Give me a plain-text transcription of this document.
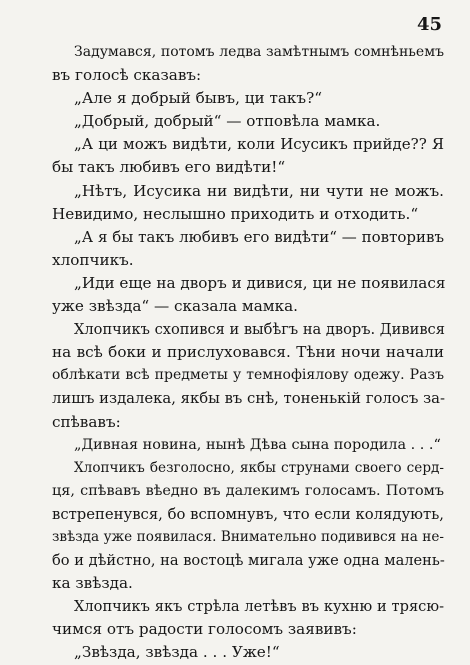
45
Задумався, потомъ ледва замѣтнымъ сомнѣньемъ
въ голосѣ сказавъ:
„Але я добрый бывъ, ци такъ?“
„Добрый, добрый“ — отповѣла мамка.
„А ци можъ видѣти, коли Исусикъ прийде?? Я
бы такъ любивъ его видѣти!“
„Нѣтъ, Исусика ни видѣти, ни чути не можъ.
Невидимо, неслышно приходить и отходить.“
„А я бы такъ любивъ его видѣти“ — повторивъ
хлопчикъ.
„Иди еще на дворъ и дивися, ци не появилася
уже звѣзда“ — сказала мамка.
Хлопчикъ схопився и выбѣгъ на дворъ. Дивився
на всѣ боки и прислуховався. Тѣни ночи начали
облѣкати всѣ предметы у темнофіялову одежу. Разъ
лишъ издалека, якбы въ снѣ, тоненькій голосъ за-
спѣвавъ:
„Дивная новина, нынѣ Дѣва сына породила . . .“
Хлопчикъ безголосно, якбы струнами своего серд-
ця, спѣвавъ вѣедно въ далекимъ голосамъ. Потомъ
встрепенувся, бо вспомнувъ, что если колядують,
звѣзда уже появилася. Внимательно подивився на не-
бо и дѣйстно, на востоцѣ мигала уже одна малень-
ка звѣзда.
Хлопчикъ якъ стрѣла летѣвъ въ кухню и трясю-
чимся отъ радости голосомъ заявивъ:
„Звѣзда, звѣзда . . . Уже!“
